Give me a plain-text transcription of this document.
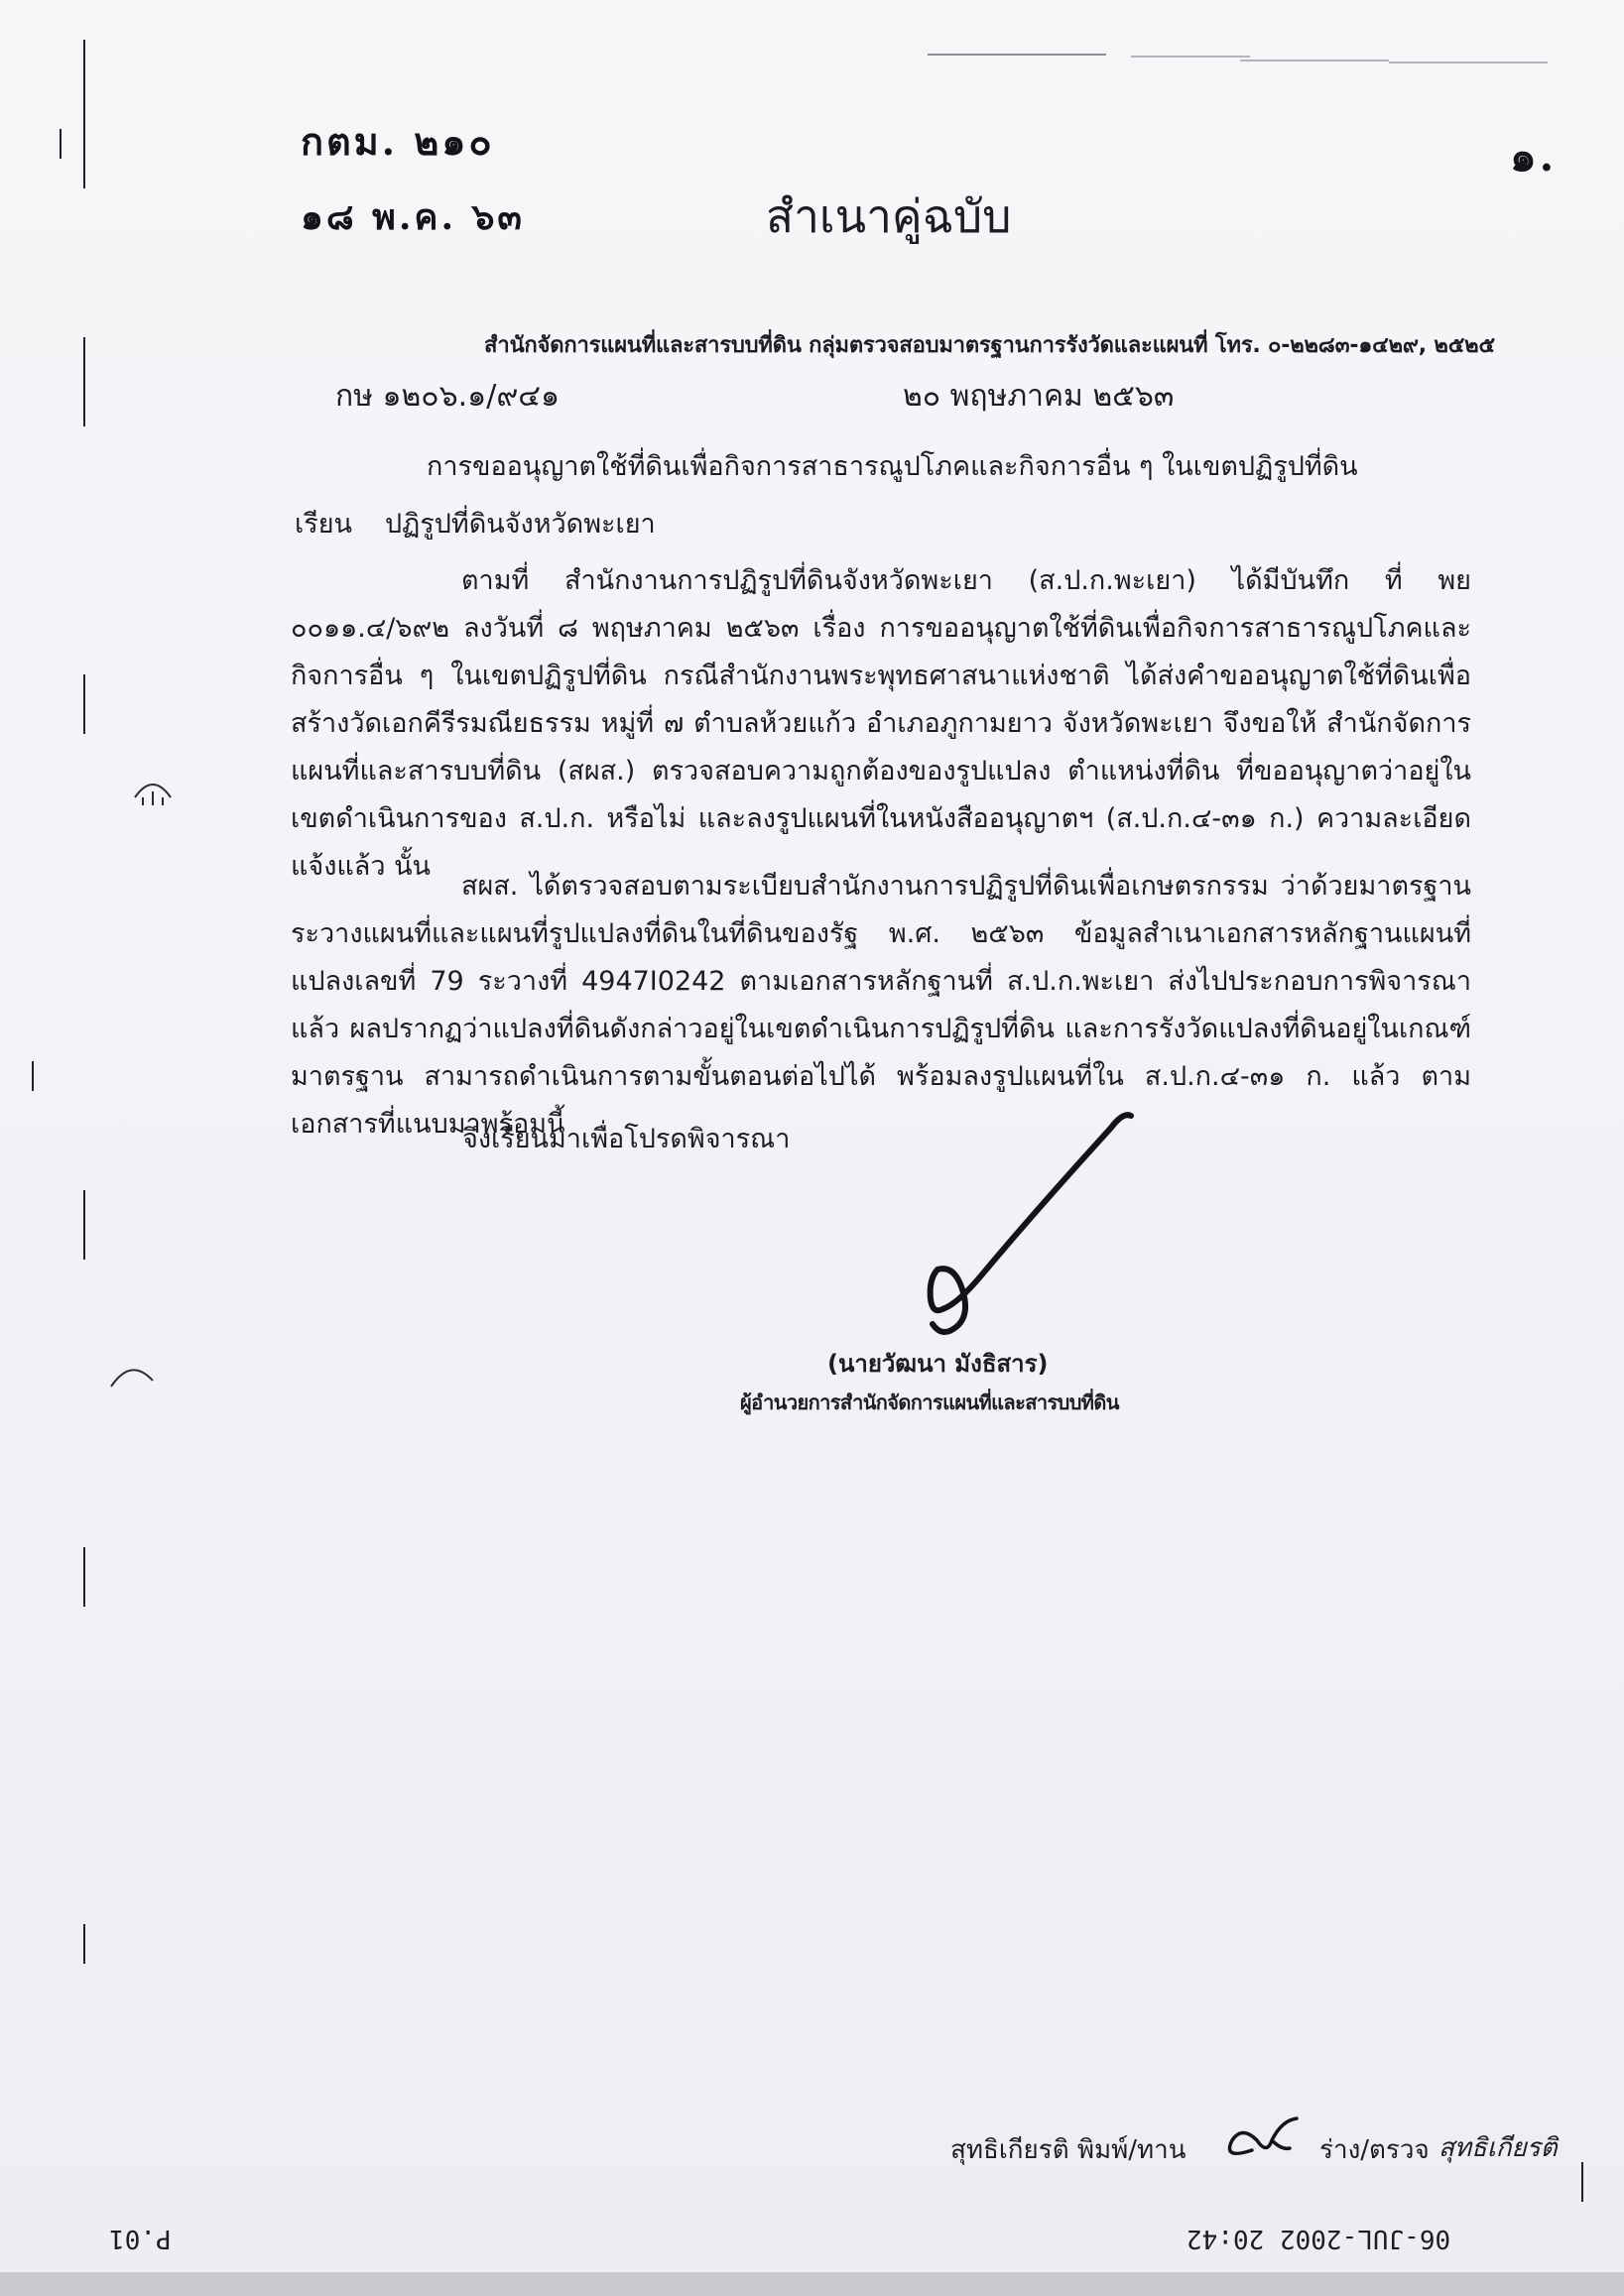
๑.
กตม. ๒๑๐
๑๘ พ.ค. ๖๓	สำเนาคู่ฉบับ
สำนักจัดการแผนที่และสารบบที่ดิน กลุ่มตรวจสอบมาตรฐานการรังวัดและแผนที่ โทร. ๐-๒๒๘๓-๑๔๒๙, ๒๕๒๕
กษ ๑๒๐๖.๑/๙๔๑	๒๐ พฤษภาคม ๒๕๖๓
การขออนุญาตใช้ที่ดินเพื่อกิจการสาธารณูปโภคและกิจการอื่น ๆ ในเขตปฏิรูปที่ดิน
เรียน ปฏิรูปที่ดินจังหวัดพะเยา
ตามที่ สำนักงานการปฏิรูปที่ดินจังหวัดพะเยา (ส.ป.ก.พะเยา) ได้มีบันทึก ที่ พย ๐๐๑๑.๔/๖๙๒ ลงวันที่ ๘ พฤษภาคม ๒๕๖๓ เรื่อง การขออนุญาตใช้ที่ดินเพื่อกิจการสาธารณูปโภคและกิจการอื่น ๆ ในเขตปฏิรูปที่ดิน กรณีสำนักงานพระพุทธศาสนาแห่งชาติ ได้ส่งคำขออนุญาตใช้ที่ดินเพื่อสร้างวัดเอกคีรีรมณียธรรม หมู่ที่ ๗ ตำบลห้วยแก้ว อำเภอภูกามยาว จังหวัดพะเยา จึงขอให้ สำนักจัดการแผนที่และสารบบที่ดิน (สผส.) ตรวจสอบความถูกต้องของรูปแปลง ตำแหน่งที่ดิน ที่ขออนุญาตว่าอยู่ในเขตดำเนินการของ ส.ป.ก. หรือไม่ และลงรูปแผนที่ในหนังสืออนุญาตฯ (ส.ป.ก.๔-๓๑ ก.) ความละเอียดแจ้งแล้ว นั้น
สผส. ได้ตรวจสอบตามระเบียบสำนักงานการปฏิรูปที่ดินเพื่อเกษตรกรรม ว่าด้วยมาตรฐานระวางแผนที่และแผนที่รูปแปลงที่ดินในที่ดินของรัฐ พ.ศ. ๒๕๖๓ ข้อมูลสำเนาเอกสารหลักฐานแผนที่ แปลงเลขที่ 79 ระวางที่ 4947I0242 ตามเอกสารหลักฐานที่ ส.ป.ก.พะเยา ส่งไปประกอบการพิจารณาแล้ว ผลปรากฏว่าแปลงที่ดินดังกล่าวอยู่ในเขตดำเนินการปฏิรูปที่ดิน และการรังวัดแปลงที่ดินอยู่ในเกณฑ์มาตรฐาน สามารถดำเนินการตามขั้นตอนต่อไปได้ พร้อมลงรูปแผนที่ใน ส.ป.ก.๔-๓๑ ก. แล้ว ตามเอกสารที่แนบมาพร้อมนี้
จึงเรียนมาเพื่อโปรดพิจารณา
(นายวัฒนา มังธิสาร)
ผู้อำนวยการสำนักจัดการแผนที่และสารบบที่ดิน
สุทธิเกียรติ พิมพ์/ทาน	ร่าง/ตรวจ สุทธิเกียรติ
P.01	06-JUL-2002 20:42
